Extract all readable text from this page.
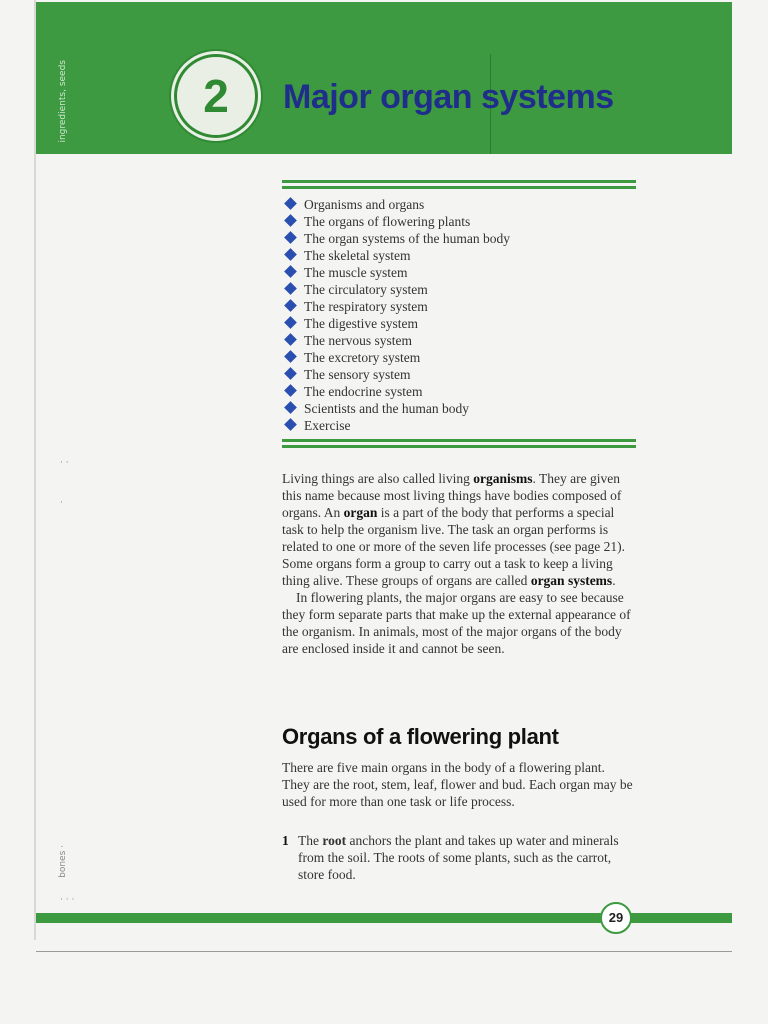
ingredients, seeds	2	Major organ systems
· ·
·
bones ·
· · ·
Organisms and organs
The organs of flowering plants
The organ systems of the human body
The skeletal system
The muscle system
The circulatory system
The respiratory system
The digestive system
The nervous system
The excretory system
The sensory system
The endocrine system
Scientists and the human body
Exercise

Living things are also called living organisms. They are given this name because most living things have bodies composed of organs. An organ is a part of the body that performs a special task to help the organism live. The task an organ performs is related to one or more of the seven life processes (see page 21). Some organs form a group to carry out a task to keep a living thing alive. These groups of organs are called organ systems.

In flowering plants, the major organs are easy to see because they form separate parts that make up the external appearance of the organism. In animals, most of the major organs of the body are enclosed inside it and cannot be seen.

Organs of a flowering plant
There are five main organs in the body of a flowering plant. They are the root, stem, leaf, flower and bud. Each organ may be used for more than one task or life process.
1 The root anchors the plant and takes up water and minerals from the soil. The roots of some plants, such as the carrot, store food.
29
